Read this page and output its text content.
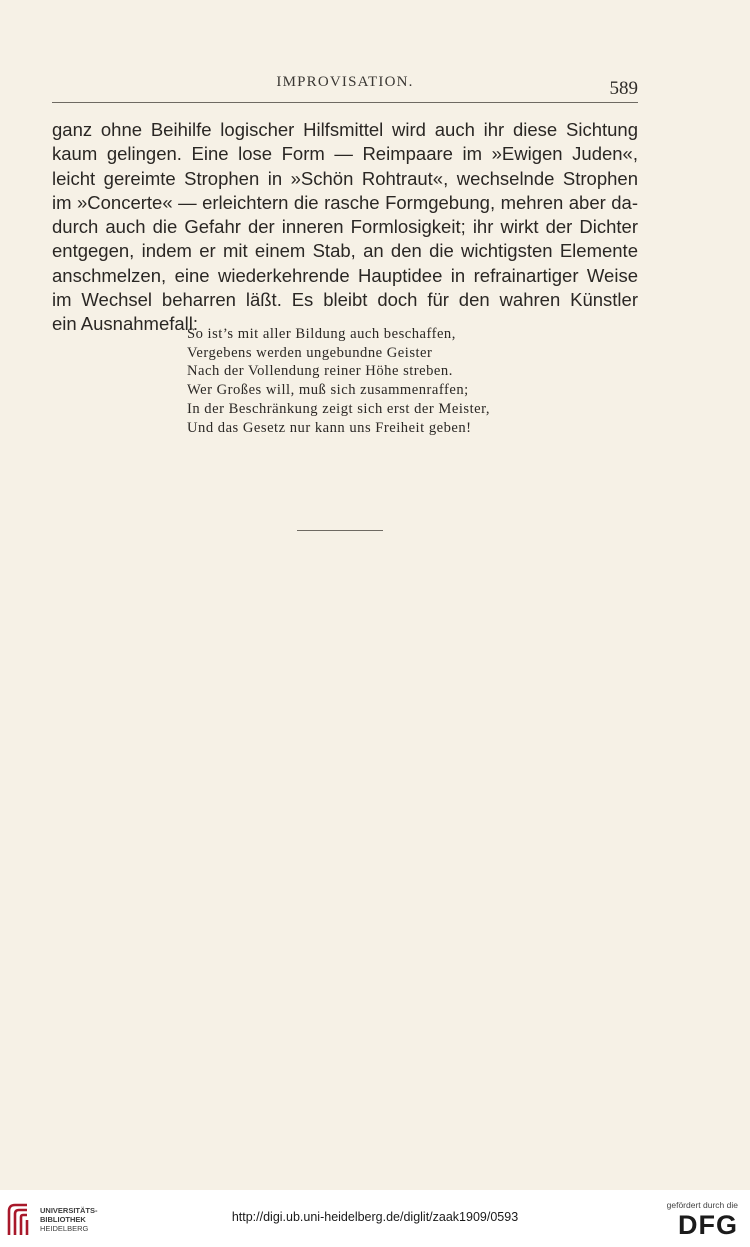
IMPROVISATION.	589
ganz ohne Beihilfe logischer Hilfsmittel wird auch ihr diese Sichtung
kaum gelingen. Eine lose Form — Reimpaare im »Ewigen Juden«,
leicht gereimte Strophen in »Schön Rohtraut«, wechselnde Strophen
im »Concerte« — erleichtern die rasche Formgebung, mehren aber da-
durch auch die Gefahr der inneren Formlosigkeit; ihr wirkt der Dichter
entgegen, indem er mit einem Stab, an den die wichtigsten Elemente
anschmelzen, eine wiederkehrende Hauptidee in refrainartiger Weise
im Wechsel beharren läßt. Es bleibt doch für den wahren Künstler
ein Ausnahmefall:
So ist’s mit aller Bildung auch beschaffen,
Vergebens werden ungebundne Geister
Nach der Vollendung reiner Höhe streben.
Wer Großes will, muß sich zusammenraffen;
In der Beschränkung zeigt sich erst der Meister,
Und das Gesetz nur kann uns Freiheit geben!
UNIVERSITÄTS-
BIBLIOTHEK
HEIDELBERG
http://digi.ub.uni-heidelberg.de/diglit/zaak1909/0593
gefördert durch die
DFG
